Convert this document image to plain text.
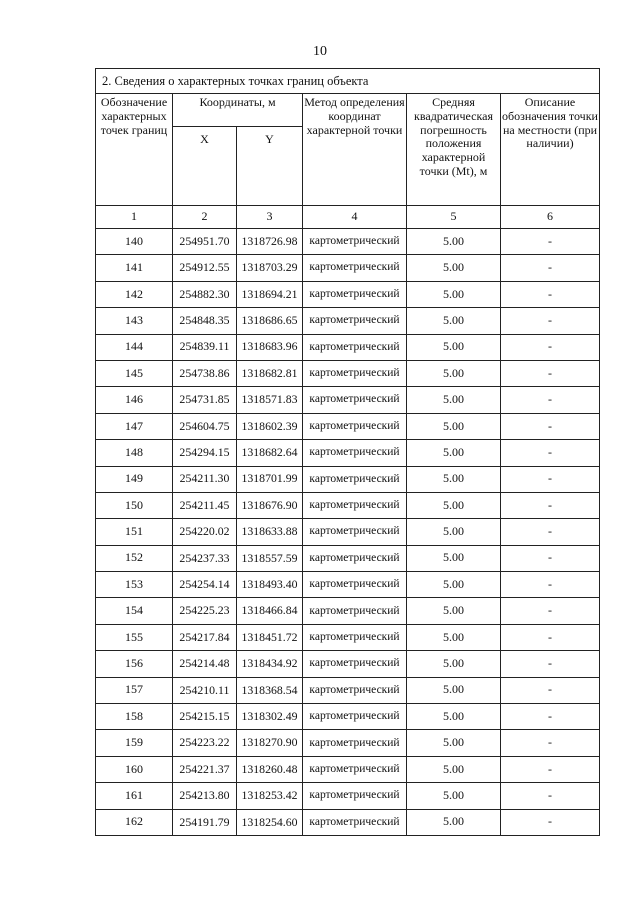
10
2. Сведения о характерных точках границ объекта					
Обозначение характерных точек границ	Координаты, м		Метод определения координат характерной точки	Средняя квадратическая погрешность положения характерной точки (Mt), м	Описание обозначения точки на местности (при наличии)
	X	Y			
1	2	3	4	5	6
140	254951.70	1318726.98	картометрический	5.00	-
141	254912.55	1318703.29	картометрический	5.00	-
142	254882.30	1318694.21	картометрический	5.00	-
143	254848.35	1318686.65	картометрический	5.00	-
144	254839.11	1318683.96	картометрический	5.00	-
145	254738.86	1318682.81	картометрический	5.00	-
146	254731.85	1318571.83	картометрический	5.00	-
147	254604.75	1318602.39	картометрический	5.00	-
148	254294.15	1318682.64	картометрический	5.00	-
149	254211.30	1318701.99	картометрический	5.00	-
150	254211.45	1318676.90	картометрический	5.00	-
151	254220.02	1318633.88	картометрический	5.00	-
152	254237.33	1318557.59	картометрический	5.00	-
153	254254.14	1318493.40	картометрический	5.00	-
154	254225.23	1318466.84	картометрический	5.00	-
155	254217.84	1318451.72	картометрический	5.00	-
156	254214.48	1318434.92	картометрический	5.00	-
157	254210.11	1318368.54	картометрический	5.00	-
158	254215.15	1318302.49	картометрический	5.00	-
159	254223.22	1318270.90	картометрический	5.00	-
160	254221.37	1318260.48	картометрический	5.00	-
161	254213.80	1318253.42	картометрический	5.00	-
162	254191.79	1318254.60	картометрический	5.00	-
